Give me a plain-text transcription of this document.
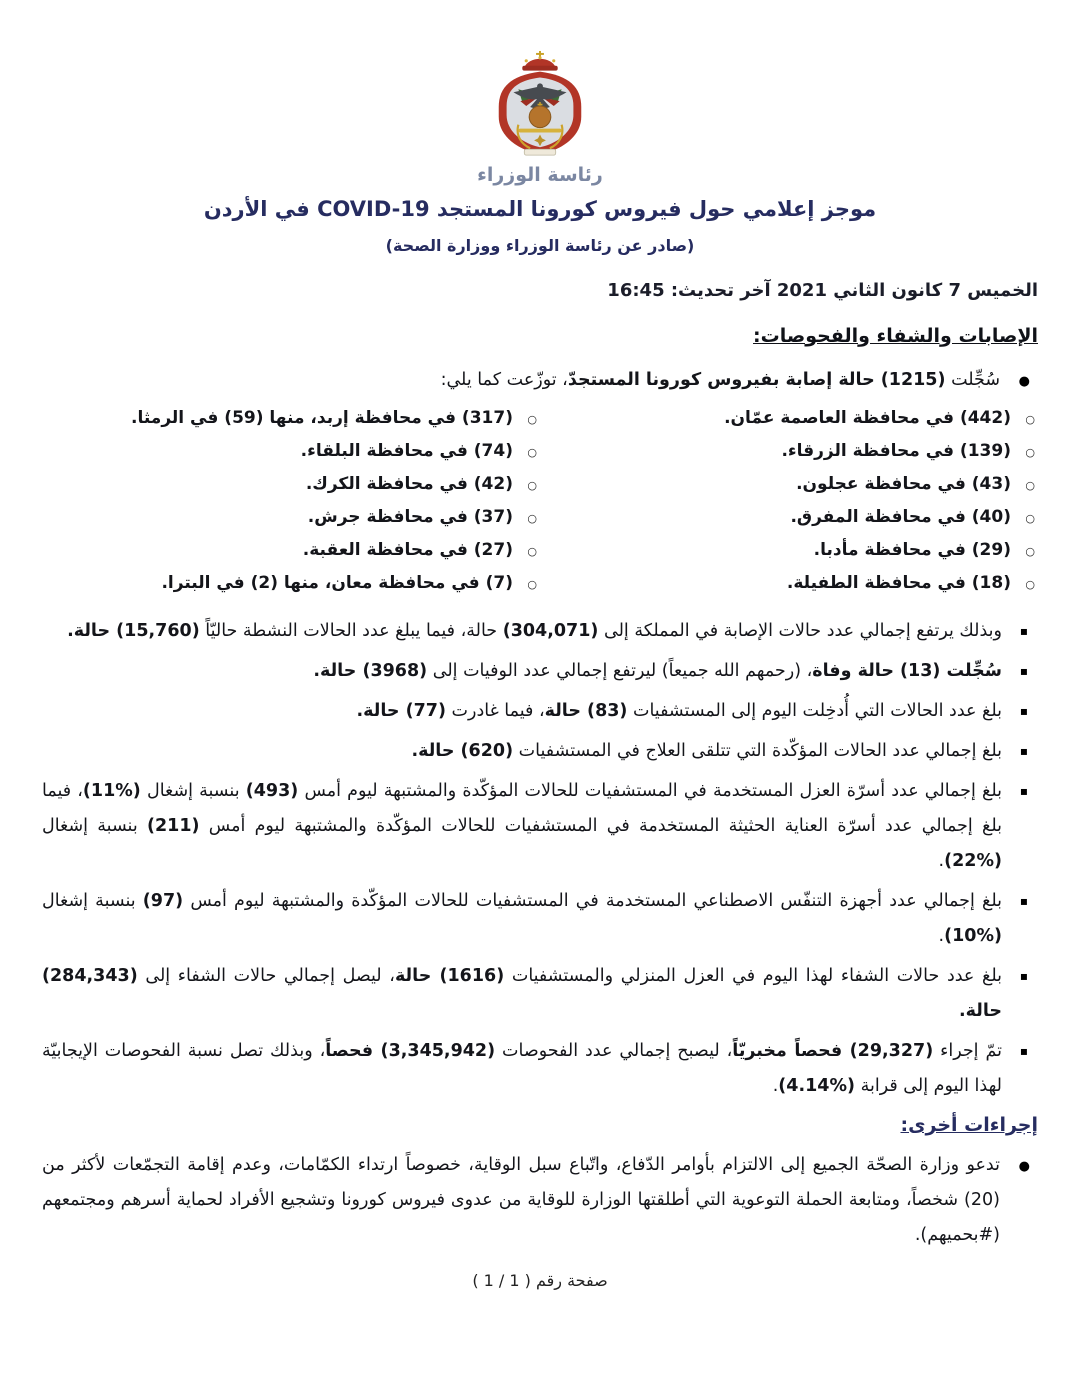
رئاسة الوزراء
موجز إعلامي حول فيروس كورونا المستجد COVID-19 في الأردن
(صادر عن رئاسة الوزراء ووزارة الصحة)
الخميس 7 كانون الثاني 2021 آخر تحديث: 16:45
الإصابات والشفاء والفحوصات:
●
سُجِّلت (1215) حالة إصابة بفيروس كورونا المستجدّ، توزّعت كما يلي:
○
(442) في محافظة العاصمة عمّان.
○
(139) في محافظة الزرقاء.
○
(43) في محافظة عجلون.
○
(40) في محافظة المفرق.
○
(29) في محافظة مأدبا.
○
(18) في محافظة الطفيلة.
○
(317) في محافظة إربد، منها (59) في الرمثا.
○
(74) في محافظة البلقاء.
○
(42) في محافظة الكرك.
○
(37) في محافظة جرش.
○
(27) في محافظة العقبة.
○
(7) في محافظة معان، منها (2) في البترا.
▪
وبذلك يرتفع إجمالي عدد حالات الإصابة في المملكة إلى (304,071) حالة، فيما يبلغ عدد الحالات النشطة حاليّاً (15,760) حالة.
▪
سُجِّلت (13) حالة وفاة، (رحمهم الله جميعاً) ليرتفع إجمالي عدد الوفيات إلى (3968) حالة.
▪
بلغ عدد الحالات التي أُدخِلت اليوم إلى المستشفيات (83) حالة، فيما غادرت (77) حالة.
▪
بلغ إجمالي عدد الحالات المؤكّدة التي تتلقى العلاج في المستشفيات (620) حالة.
▪
بلغ إجمالي عدد أسرّة العزل المستخدمة في المستشفيات للحالات المؤكّدة والمشتبهة ليوم أمس (493) بنسبة إشغال (%11)، فيما بلغ إجمالي عدد أسرّة العناية الحثيثة المستخدمة في المستشفيات للحالات المؤكّدة والمشتبهة ليوم أمس (211) بنسبة إشغال (%22).
▪
بلغ إجمالي عدد أجهزة التنفّس الاصطناعي المستخدمة في المستشفيات للحالات المؤكّدة والمشتبهة ليوم أمس (97) بنسبة إشغال (%10).
▪
بلغ عدد حالات الشفاء لهذا اليوم في العزل المنزلي والمستشفيات (1616) حالة، ليصل إجمالي حالات الشفاء إلى (284,343) حالة.
▪
تمّ إجراء (29,327) فحصاً مخبريّاً، ليصبح إجمالي عدد الفحوصات (3,345,942) فحصاً، وبذلك تصل نسبة الفحوصات الإيجابيّة لهذا اليوم إلى قرابة (%4.14).
إجراءات أخرى:
●
تدعو وزارة الصحّة الجميع إلى الالتزام بأوامر الدّفاع، واتّباع سبل الوقاية، خصوصاً ارتداء الكمّامات، وعدم إقامة التجمّعات لأكثر من (20) شخصاً، ومتابعة الحملة التوعوية التي أطلقتها الوزارة للوقاية من عدوى فيروس كورونا وتشجيع الأفراد لحماية أسرهم ومجتمعهم (#بحميهم).
صفحة رقم ( 1 / 1 )
